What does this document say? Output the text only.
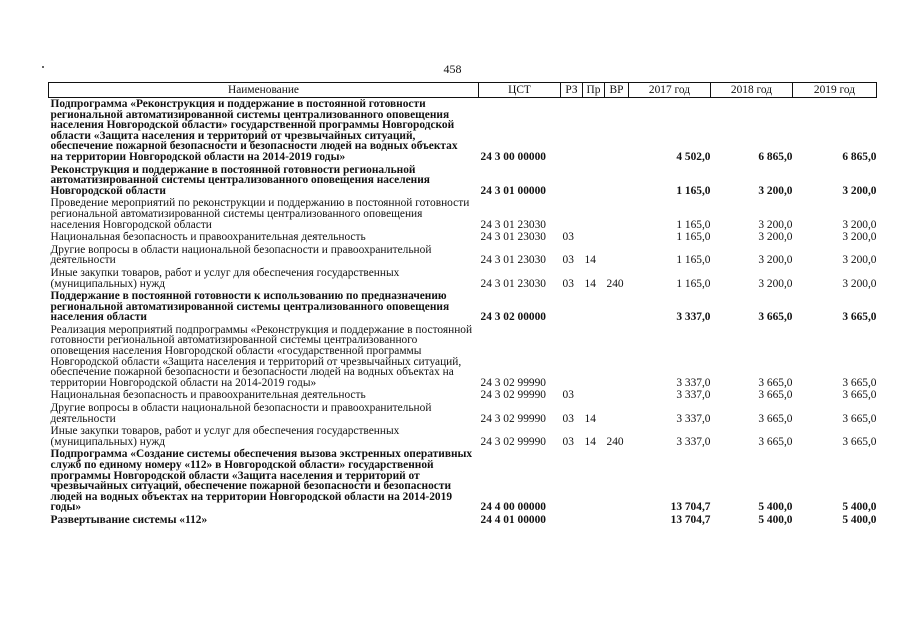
458
Наименование	ЦСТ	РЗ	Пр	ВР	2017 год	2018 год	2019 год
Подпрограмма «Реконструкция и поддержание в постоянной готовности региональной автоматизированной системы централизованного оповещения населения Новгородской области» государственной программы Новгородской области «Защита населения и территорий от чрезвычайных ситуаций, обеспечение пожарной безопасности и безопасности людей на водных объектах на территории Новгородской области на 2014-2019 годы»	24 3 00 00000				4 502,0	6 865,0	6 865,0
Реконструкция и поддержание в постоянной готовности региональной автоматизированной системы централизованного оповещения населения Новгородской области	24 3 01 00000				1 165,0	3 200,0	3 200,0
Проведение мероприятий по реконструкции и поддержанию в постоянной готовности региональной автоматизированной системы централизованного оповещения населения Новгородской области	24 3 01 23030				1 165,0	3 200,0	3 200,0
Национальная безопасность и правоохранительная деятельность	24 3 01 23030	03			1 165,0	3 200,0	3 200,0
Другие вопросы в области национальной безопасности и правоохранительной деятельности	24 3 01 23030	03	14		1 165,0	3 200,0	3 200,0
Иные закупки товаров, работ и услуг для обеспечения государственных (муниципальных) нужд	24 3 01 23030	03	14	240	1 165,0	3 200,0	3 200,0
Поддержание в постоянной готовности к использованию по предназначению региональной автоматизированной системы централизованного оповещения населения области	24 3 02 00000				3 337,0	3 665,0	3 665,0
Реализация мероприятий подпрограммы «Реконструкция и поддержание в постоянной готовности региональной автоматизированной системы централизованного оповещения населения Новгородской области «государственной программы Новгородской области «Защита населения и территорий от чрезвычайных ситуаций, обеспечение пожарной безопасности и безопасности людей на водных объектах на территории Новгородской области на 2014-2019 годы»	24 3 02 99990				3 337,0	3 665,0	3 665,0
Национальная безопасность и правоохранительная деятельность	24 3 02 99990	03			3 337,0	3 665,0	3 665,0
Другие вопросы в области национальной безопасности и правоохранительной деятельности	24 3 02 99990	03	14		3 337,0	3 665,0	3 665,0
Иные закупки товаров, работ и услуг для обеспечения государственных (муниципальных) нужд	24 3 02 99990	03	14	240	3 337,0	3 665,0	3 665,0
Подпрограмма «Создание системы обеспечения вызова экстренных оперативных служб по единому номеру «112» в Новгородской области» государственной программы Новгородской области «Защита населения и территорий от чрезвычайных ситуаций, обеспечение пожарной безопасности и безопасности людей на водных объектах на территории Новгородской области на 2014-2019 годы»	24 4 00 00000				13 704,7	5 400,0	5 400,0
Развертывание системы «112»	24 4 01 00000				13 704,7	5 400,0	5 400,0
